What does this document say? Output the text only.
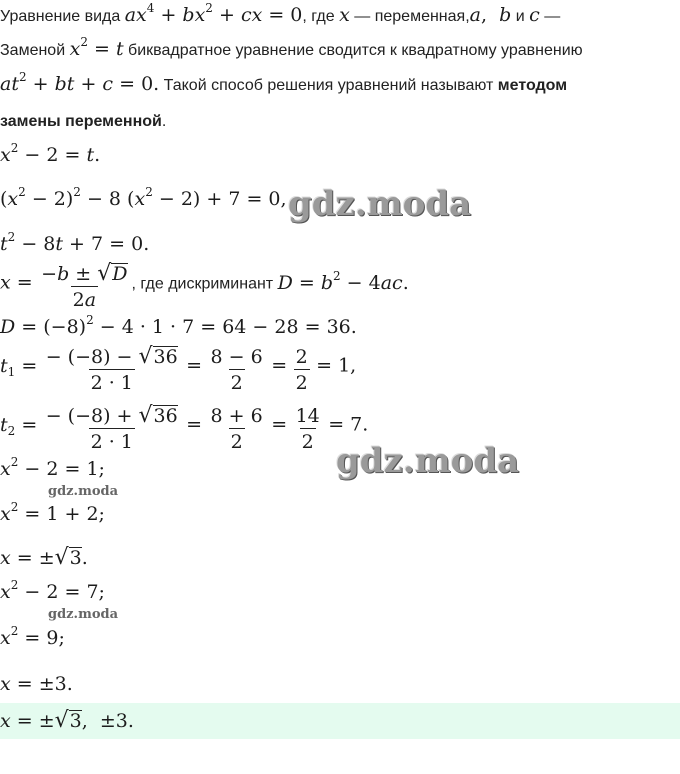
Уравнение вида $ax^4 + bx^2$ + cx = 0, где x — переменная,a,  b и c —
Заменой $x^2 = t$ биквадратное уравнение сводится к квадратному уравнению
$at^2$ + bt + c = 0. Такой способ решения уравнений называют методом
замены переменной.
$x^2 - 2 = t$.
$(x^2 - 2)^2 - 8$ $(x^2 - 2) + 7 = 0$,
$t^2 - 8t + 7 = 0$.
$x = \frac{-b \pm √D}{2a}$ , где дискриминант $D = b^2 - 4ac$.
$D = (-8)^2 - 4 \cdot 1 \cdot 7 = 64 - 28 = 36$.
$t_1 = \frac{- (-8) - √36}{2 \cdot 1} = \frac{8 - 6}{2} = \frac{2}{2} = 1$,
$t_2 = \frac{- (-8) + √36}{2 \cdot 1} = \frac{8 + 6}{2} = \frac{14}{2} = 7$.
$x^2 - 2 = 1$;
$x^2 = 1 + 2$;
x = ±√3.
$x^2 - 2 = 7$;
$x^2 = 9$;
x = ±3.
x = ±√3,  ±3.
gdz.moda
gdz.moda
gdz.moda
gdz.moda
